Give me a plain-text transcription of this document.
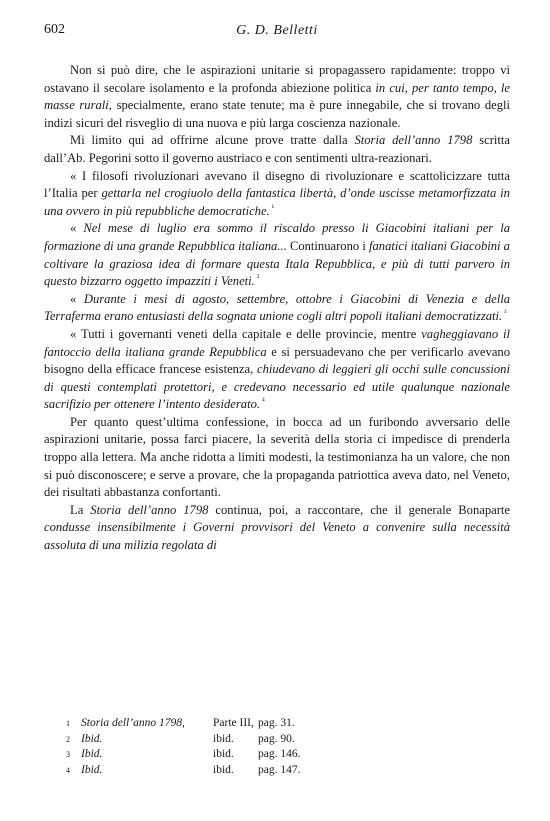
602	G. D. Belletti

Non si può dire, che le aspirazioni unitarie si propagassero rapidamente: troppo vi ostavano il secolare isolamento e la profonda abiezione politica in cui, per tanto tempo, le masse rurali, specialmente, erano state tenute; ma è pure innegabile, che si trovano degli indizi sicuri del risveglio di una nuova e più larga coscienza nazionale.

Mi limito qui ad offrirne alcune prove tratte dalla Storia dell’anno 1798 scritta dall’Ab. Pegorini sotto il governo austriaco e con sentimenti ultra-reazionari.

« I filosofi rivoluzionari avevano il disegno di rivoluzionare e scattolicizzare tutta l’Italia per gettarla nel crogiuolo della fantastica libertà, d’onde uscisse metamorfizzata in una ovvero in più repubbliche democratiche. $^{^1}$

« Nel mese di luglio era sommo il riscaldo presso li Giacobini italiani per la formazione di una grande Repubblica italiana... Continuarono i fanatici italiani Giacobini a coltivare la graziosa idea di formare questa Itala Repubblica, e più di tutti parvero in questo bizzarro oggetto impazziti i Veneti. $^{^2}$

« Durante i mesi di agosto, settembre, ottobre i Giacobini di Venezia e della Terraferma erano entusiasti della sognata unione cogli altri popoli italiani democratizzati. $^{^3}$

« Tutti i governanti veneti della capitale e delle provincie, mentre vagheggiavano il fantoccio della italiana grande Repubblica e si persuadevano che per verificarlo avevano bisogno della efficace francese esistenza, chiudevano di leggieri gli occhi sulle concussioni di questi contemplati protettori, e credevano necessario ed utile qualunque nazionale sacrifizio per ottenere l’intento desiderato. $^{^4}$

Per quanto quest’ultima confessione, in bocca ad un furibondo avversario delle aspirazioni unitarie, possa farci piacere, la severità della storia ci impedisce di prenderla troppo alla lettera. Ma anche ridotta a limiti modesti, la testimonianza ha un valore, che non si può disconoscere; e serve a provare, che la propaganda patriottica aveva dato, nel Veneto, dei risultati abbastanza confortanti.

La Storia dell’anno 1798 continua, poi, a raccontare, che il generale Bonaparte condusse insensibilmente i Governi provvisori del Veneto a convenire sulla necessità assoluta di una milizia regolata di

1 Storia dell’anno 1798, Parte III, pag. 31.
2 Ibid.	ibid. pag. 90.
3 Ibid.	ibid. pag. 146.
4 Ibid.	ibid. pag. 147.
